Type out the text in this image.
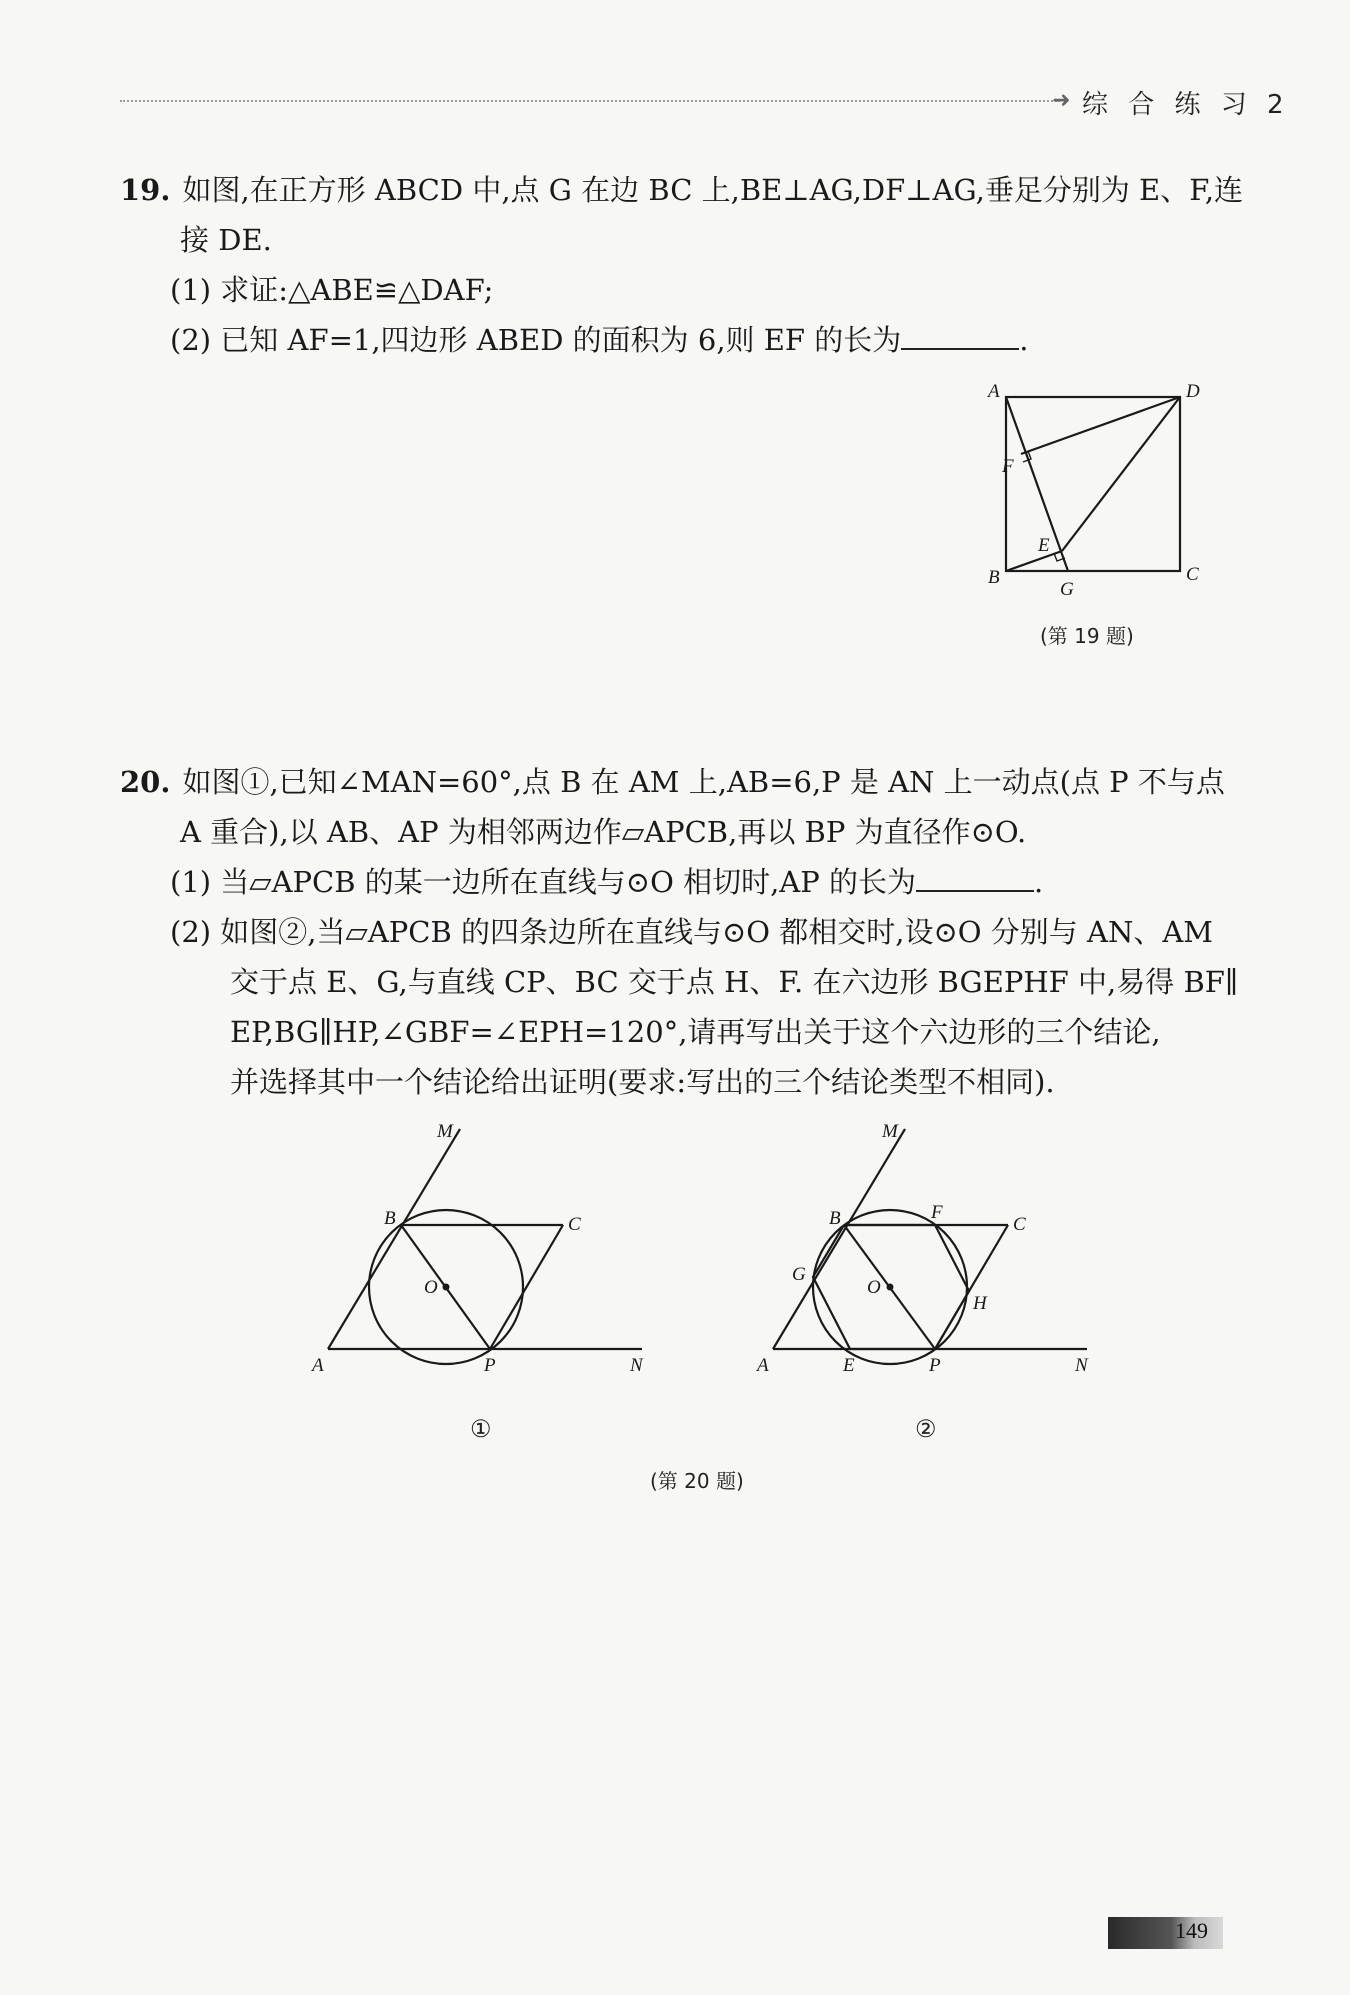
➜ 综 合 练 习 2
19. 如图,在正方形 ABCD 中,点 G 在边 BC 上,BE⊥AG,DF⊥AG,垂足分别为 E、F,连
接 DE.
(1) 求证:△ABE≌△DAF;
(2) 已知 AF=1,四边形 ABED 的面积为 6,则 EF 的长为	.
A	D
F
E
B	C
G
(第 19 题)
20. 如图①,已知∠MAN=60°,点 B 在 AM 上,AB=6,P 是 AN 上一动点(点 P 不与点
A 重合),以 AB、AP 为相邻两边作▱APCB,再以 BP 为直径作⊙O.
(1) 当▱APCB 的某一边所在直线与⊙O 相切时,AP 的长为	.
(2) 如图②,当▱APCB 的四条边所在直线与⊙O 都相交时,设⊙O 分别与 AN、AM
交于点 E、G,与直线 CP、BC 交于点 H、F. 在六边形 BGEPHF 中,易得 BF∥
EP,BG∥HP,∠GBF=∠EPH=120°,请再写出关于这个六边形的三个结论,
并选择其中一个结论给出证明(要求:写出的三个结论类型不相同).
M
B	C
O
A	P	N
①
M
B	F
C
G
O
H
A	E	P	N
②
(第 20 题)
149
